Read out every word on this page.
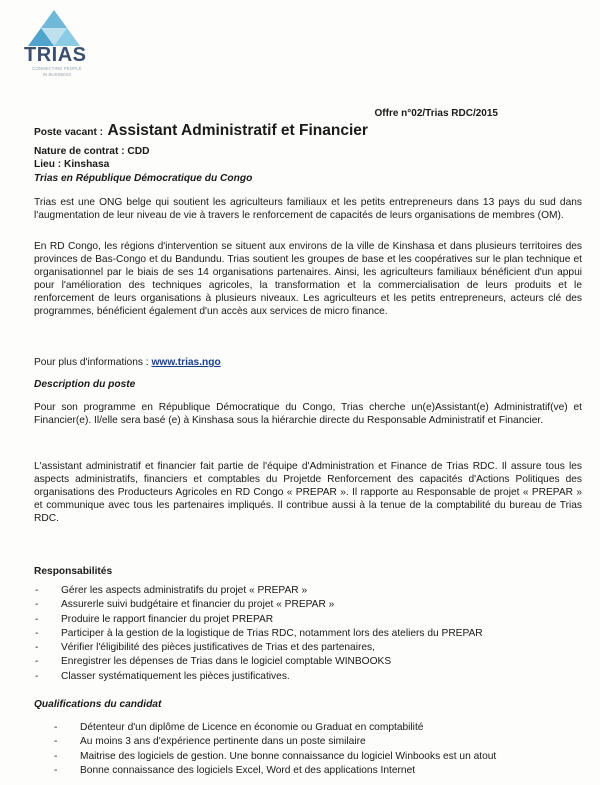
TRIAS
CONNECTING PEOPLE
IN BUSINESS
Offre n°02/Trias RDC/2015
Poste vacant : Assistant Administratif et Financier
Nature de contrat : CDD
Lieu : Kinshasa
Trias en République Démocratique du Congo
Trias est une ONG belge qui soutient les agriculteurs familiaux et les petits entrepreneurs dans 13 pays du sud dans l'augmentation de leur niveau de vie à travers le renforcement de capacités de leurs organisations de membres (OM).
En RD Congo, les régions d'intervention se situent aux environs de la ville de Kinshasa et dans plusieurs territoires des provinces de Bas-Congo et du Bandundu. Trias soutient les groupes de base et les coopératives sur le plan technique et organisationnel par le biais de ses 14 organisations partenaires. Ainsi, les agriculteurs familiaux bénéficient d'un appui pour l'amélioration des techniques agricoles, la transformation et la commercialisation de leurs produits et le renforcement de leurs organisations à plusieurs niveaux. Les agriculteurs et les petits entrepreneurs, acteurs clé des programmes, bénéficient également d'un accès aux services de micro finance.
Pour plus d'informations : www.trias.ngo
Description du poste
Pour son programme en République Démocratique du Congo, Trias cherche un(e)Assistant(e) Administratif(ve) et Financier(e). Il/elle sera basé (e) à Kinshasa sous la hiérarchie directe du Responsable Administratif et Financier.
L'assistant administratif et financier fait partie de l'équipe d'Administration et Finance de Trias RDC. Il assure tous les aspects administratifs, financiers et comptables du Projetde Renforcement des capacités d'Actions Politiques des organisations des Producteurs Agricoles en RD Congo « PREPAR ». Il rapporte au Responsable de projet « PREPAR » et communique avec tous les partenaires impliqués. Il contribue aussi à la tenue de la comptabilité du bureau de Trias RDC.
Responsabilités
- Gérer les aspects administratifs du projet « PREPAR »
- Assurerle suivi budgétaire et financier du projet « PREPAR »
- Produire le rapport financier du projet PREPAR
- Participer à la gestion de la logistique de Trias RDC, notamment lors des ateliers du PREPAR
- Vérifier l'éligibilité des pièces justificatives de Trias et des partenaires,
- Enregistrer les dépenses de Trias dans le logiciel comptable WINBOOKS
- Classer systématiquement les pièces justificatives.
Qualifications du candidat
- Détenteur d'un diplôme de Licence en économie ou Graduat en comptabilité
- Au moins 3 ans d'expérience pertinente dans un poste similaire
- Maitrise des logiciels de gestion. Une bonne connaissance du logiciel Winbooks est un atout
- Bonne connaissance des logiciels Excel, Word et des applications Internet
